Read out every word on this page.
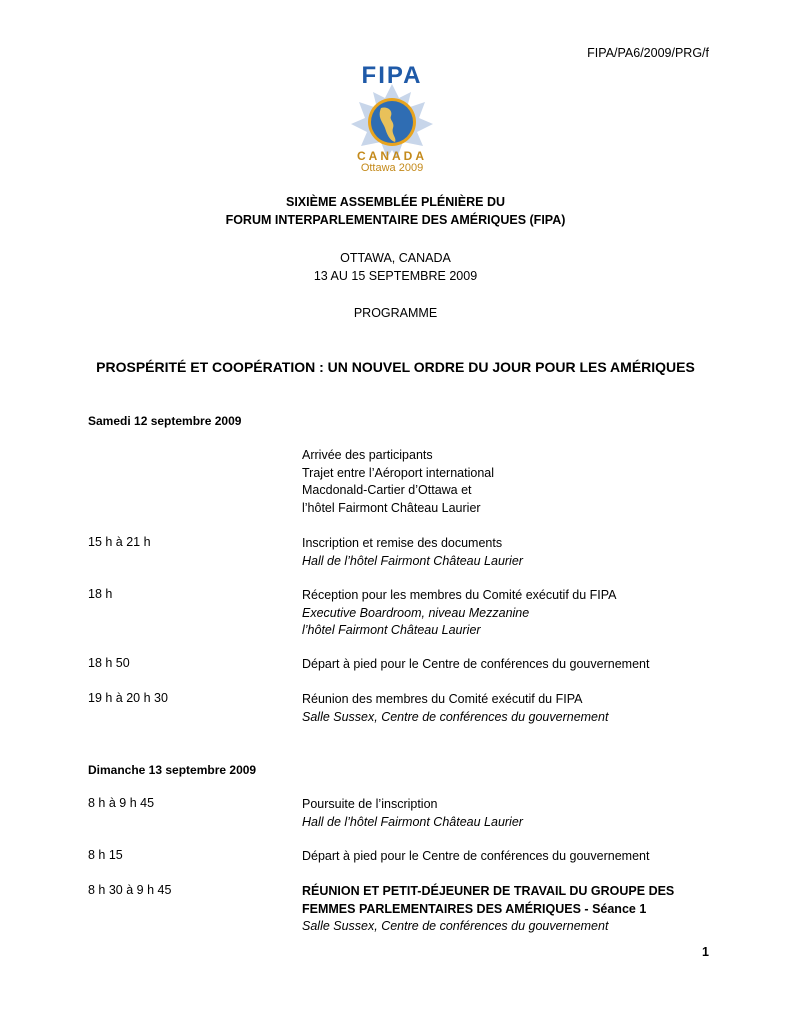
FIPA/PA6/2009/PRG/f
FIPA
CANADA
Ottawa 2009
SIXIÈME ASSEMBLÉE PLÉNIÈRE DU
FORUM INTERPARLEMENTAIRE DES AMÉRIQUES (FIPA)
OTTAWA, CANADA
13 AU 15 SEPTEMBRE 2009
PROGRAMME
PROSPÉRITÉ ET COOPÉRATION : UN NOUVEL ORDRE DU JOUR POUR LES AMÉRIQUES
Samedi 12 septembre 2009
Arrivée des participants
Trajet entre l’Aéroport international
Macdonald-Cartier d’Ottawa et
l’hôtel Fairmont Château Laurier
15 h à 21 h	Inscription et remise des documents
Hall de l’hôtel Fairmont Château Laurier
18 h	Réception pour les membres du Comité exécutif du FIPA
Executive Boardroom, niveau Mezzanine
l’hôtel Fairmont Château Laurier
18 h 50	Départ à pied pour le Centre de conférences du gouvernement
19 h à 20 h 30	Réunion des membres du Comité exécutif du FIPA
Salle Sussex, Centre de conférences du gouvernement
Dimanche 13 septembre 2009
8 h à 9 h 45	Poursuite de l’inscription
Hall de l’hôtel Fairmont Château Laurier
8 h 15	Départ à pied pour le Centre de conférences du gouvernement
8 h 30 à 9 h 45	RÉUNION ET PETIT-DÉJEUNER DE TRAVAIL DU GROUPE DES
FEMMES PARLEMENTAIRES DES AMÉRIQUES - Séance 1
Salle Sussex, Centre de conférences du gouvernement
1
